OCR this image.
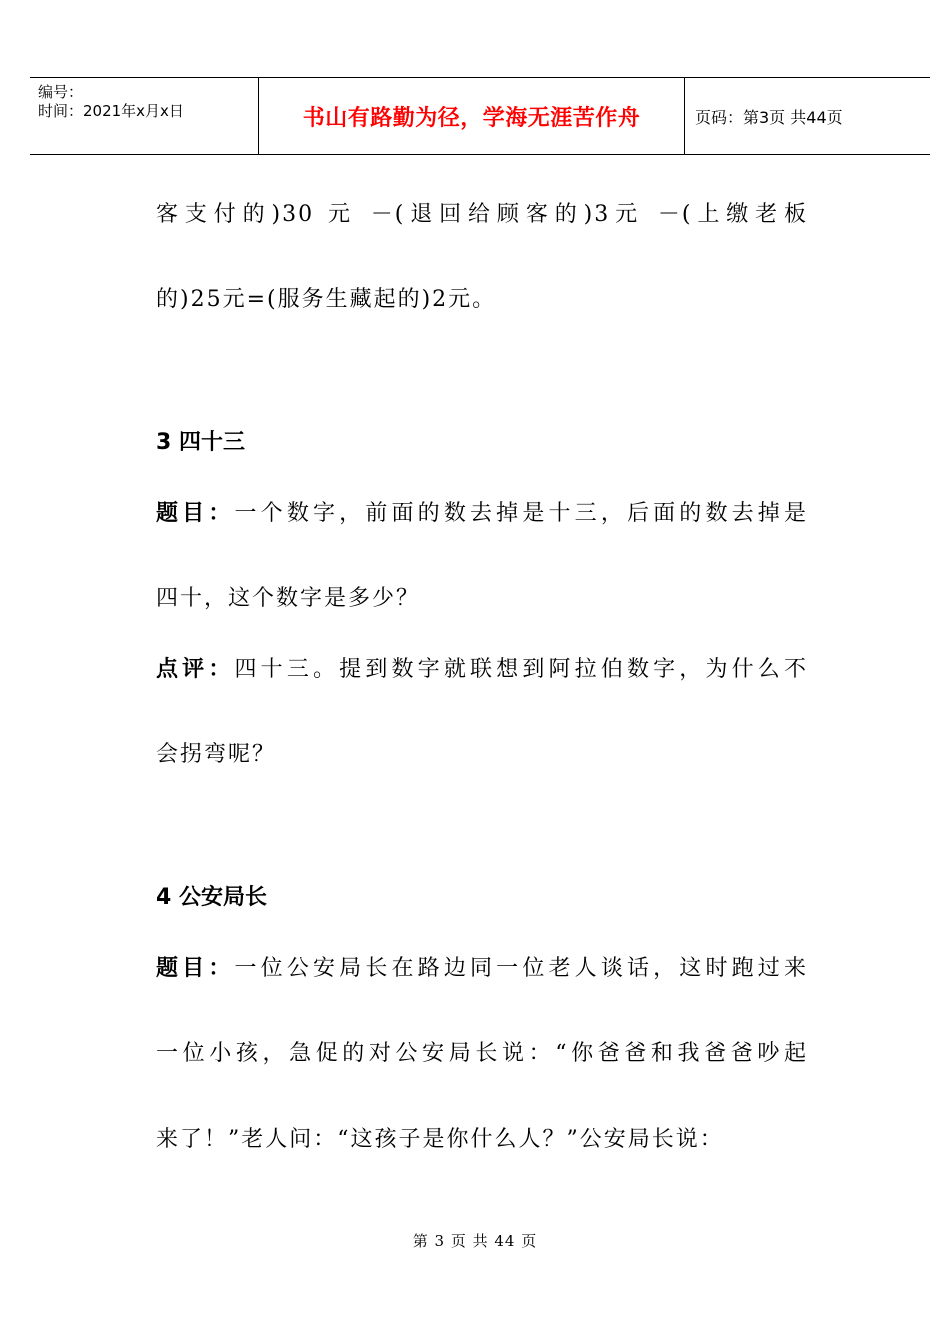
编号：
时间：2021年x月x日	书山有路勤为径，学海无涯苦作舟	页码：第3页 共44页
客支付的)30 元 －(退回给顾客的)3元 －(上缴老板
的)25元=(服务生藏起的)2元。
3 四十三
题目：一个数字，前面的数去掉是十三，后面的数去掉是
四十，这个数字是多少？
点评：四十三。提到数字就联想到阿拉伯数字，为什么不
会拐弯呢？
4 公安局长
题目：一位公安局长在路边同一位老人谈话，这时跑过来
一位小孩，急促的对公安局长说：“你爸爸和我爸爸吵起
来了！”老人问：“这孩子是你什么人？”公安局长说：
第 3 页 共 44 页
